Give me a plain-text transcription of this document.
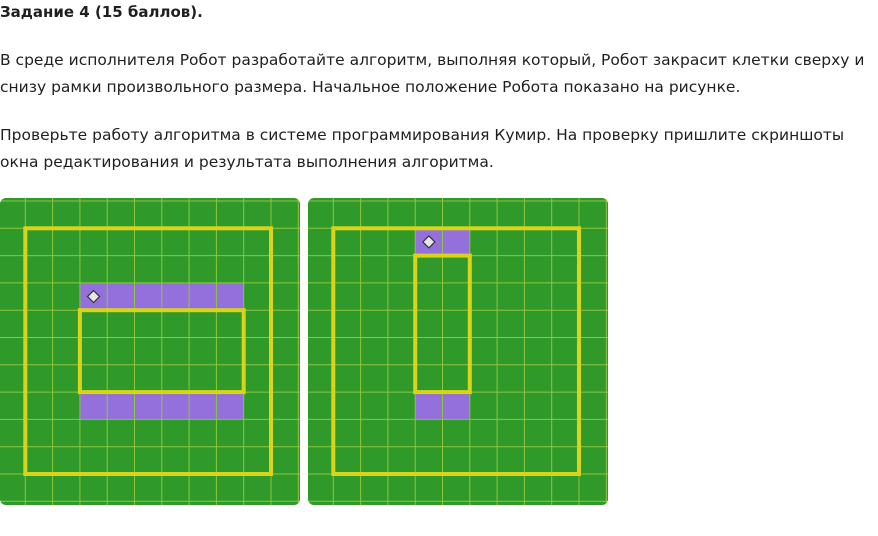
Задание 4 (15 баллов).

В среде исполнителя Робот разработайте алгоритм, выполняя который, Робот закрасит клетки сверху и
снизу рамки произвольного размера. Начальное положение Робота показано на рисунке.

Проверьте работу алгоритма в системе программирования Кумир. На проверку пришлите скриншоты
окна редактирования и результата выполнения алгоритма.
